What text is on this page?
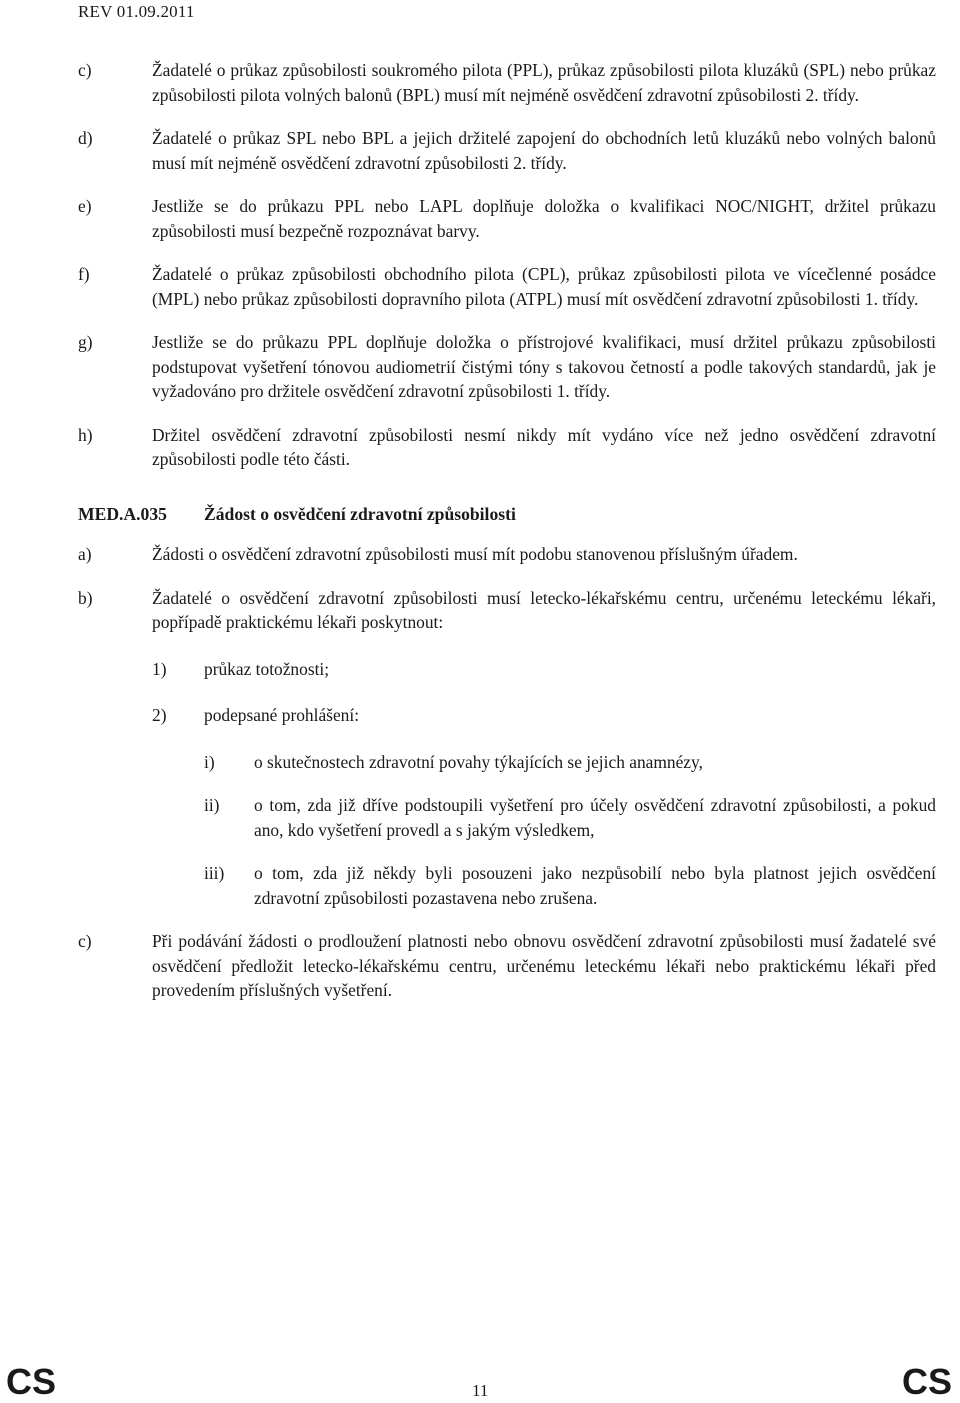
REV 01.09.2011
c)	Žadatelé o průkaz způsobilosti soukromého pilota (PPL), průkaz způsobilosti pilota kluzáků (SPL) nebo průkaz způsobilosti pilota volných balonů (BPL) musí mít nejméně osvědčení zdravotní způsobilosti 2. třídy.
d)	Žadatelé o průkaz SPL nebo BPL a jejich držitelé zapojení do obchodních letů kluzáků nebo volných balonů musí mít nejméně osvědčení zdravotní způsobilosti 2. třídy.
e)	Jestliže se do průkazu PPL nebo LAPL doplňuje doložka o kvalifikaci NOC/NIGHT, držitel průkazu způsobilosti musí bezpečně rozpoznávat barvy.
f)	Žadatelé o průkaz způsobilosti obchodního pilota (CPL), průkaz způsobilosti pilota ve vícečlenné posádce (MPL) nebo průkaz způsobilosti dopravního pilota (ATPL) musí mít osvědčení zdravotní způsobilosti 1. třídy.
g)	Jestliže se do průkazu PPL doplňuje doložka o přístrojové kvalifikaci, musí držitel průkazu způsobilosti podstupovat vyšetření tónovou audiometrií čistými tóny s takovou četností a podle takových standardů, jak je vyžadováno pro držitele osvědčení zdravotní způsobilosti 1. třídy.
h)	Držitel osvědčení zdravotní způsobilosti nesmí nikdy mít vydáno více než jedno osvědčení zdravotní způsobilosti podle této části.
MED.A.035	Žádost o osvědčení zdravotní způsobilosti
a)	Žádosti o osvědčení zdravotní způsobilosti musí mít podobu stanovenou příslušným úřadem.
b)	Žadatelé o osvědčení zdravotní způsobilosti musí letecko-lékařskému centru, určenému leteckému lékaři, popřípadě praktickému lékaři poskytnout:
1)	průkaz totožnosti;
2)	podepsané prohlášení:
i)	o skutečnostech zdravotní povahy týkajících se jejich anamnézy,
ii)	o tom, zda již dříve podstoupili vyšetření pro účely osvědčení zdravotní způsobilosti, a pokud ano, kdo vyšetření provedl a s jakým výsledkem,
iii)	o tom, zda již někdy byli posouzeni jako nezpůsobilí nebo byla platnost jejich osvědčení zdravotní způsobilosti pozastavena nebo zrušena.
c)	Při podávání žádosti o prodloužení platnosti nebo obnovu osvědčení zdravotní způsobilosti musí žadatelé své osvědčení předložit letecko-lékařskému centru, určenému leteckému lékaři nebo praktickému lékaři před provedením příslušných vyšetření.
CS	11	CS
